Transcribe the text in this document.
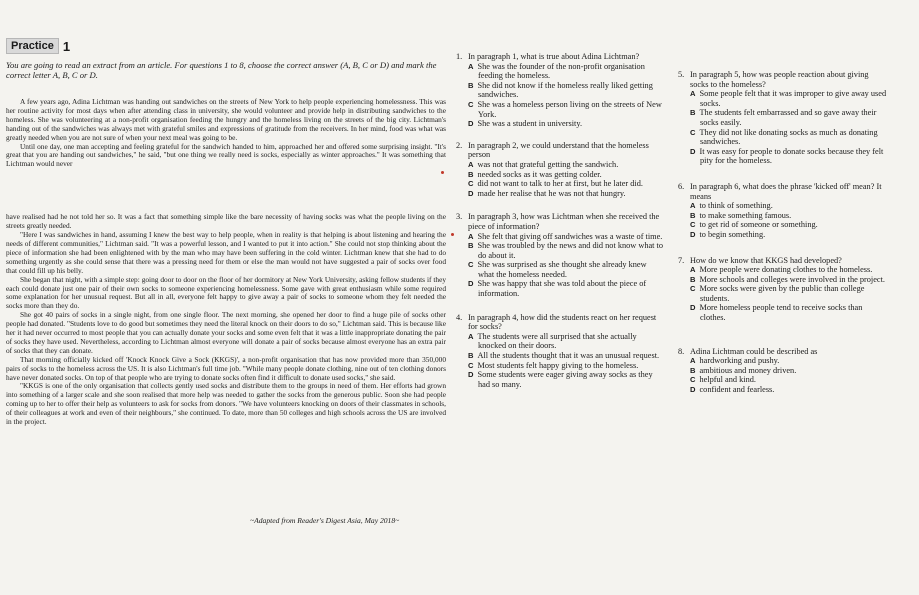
Practice 1
You are going to read an extract from an article. For questions 1 to 8, choose the correct answer (A, B, C or D) and mark the correct letter A, B, C or D.

A few years ago, Adina Lichtman was handing out sandwiches on the streets of New York to help people experiencing homelessness. This was her routine activity for most days when after attending class in university, she would volunteer and provide help in distributing sandwiches to the homeless. She was volunteering at a non-profit organisation feeding the hungry and the homeless living on the streets of the big city. Lichtman's handing out of the sandwiches was always met with grateful smiles and expressions of gratitude from the receivers. In her mind, food was what was greatly needed when you are not sure of when your next meal was going to be.

Until one day, one man accepting and feeling grateful for the sandwich handed to him, approached her and offered some surprising insight. "It's great that you are handing out sandwiches," he said, "but one thing we really need is socks, especially as winter approaches." It was something that Lichtman would never

have realised had he not told her so. It was a fact that something simple like the bare necessity of having socks was what the people living on the streets greatly needed.

"Here I was sandwiches in hand, assuming I knew the best way to help people, when in reality is that helping is about listening and hearing the needs of different communities," Lichtman said. "It was a powerful lesson, and I wanted to put it into action." She could not stop thinking about the piece of information she had been enlightened with by the man who may have been suffering in the cold winter. Lichtman knew that she had to do something urgently as she could sense that there was a pressing need for them or else the man would not have suggested a pair of socks over food that could fill up his belly.

She began that night, with a simple step: going door to door on the floor of her dormitory at New York University, asking fellow students if they each could donate just one pair of their own socks to someone experiencing homelessness. Some gave with great enthusiasm while some required some explanation for her unusual request. But all in all, everyone felt happy to give away a pair of socks to someone whom they felt needed the socks more than they do.

She got 40 pairs of socks in a single night, from one single floor. The next morning, she opened her door to find a huge pile of socks other people had donated. "Students love to do good but sometimes they need the literal knock on their doors to do so," Lichtman said. This is because like her it had never occurred to most people that you can actually donate your socks and some even felt that it was a little inappropriate donating the pair of socks they have used. Nevertheless, according to Lichtman almost everyone will donate a pair of socks because almost everyone has an extra pair of socks that they can donate.

That morning officially kicked off 'Knock Knock Give a Sock (KKGS)', a non-profit organisation that has now provided more than 350,000 pairs of socks to the homeless across the US. It is also Lichtman's full time job. "While many people donate clothing, nine out of ten clothing donors have never donated socks. On top of that people who are trying to donate socks often find it difficult to donate used socks," she said.

"KKGS is one of the only organisation that collects gently used socks and distribute them to the groups in need of them. Her efforts had grown into something of a larger scale and she soon realised that more help was needed to gather the socks from the generous public. Soon she had people coming up to her to offer their help as volunteers to ask for socks from donors. "We have volunteers knocking on doors of their classmates in schools, of their colleagues at work and even of their neighbours," she continued. To date, more than 50 colleges and high schools across the US are involved in the project.

~Adapted from Reader's Digest Asia, May 2018~
1. In paragraph 1, what is true about Adina Lichtman?
A She was the founder of the non-profit organisation feeding the homeless.
B She did not know if the homeless really liked getting sandwiches.
C She was a homeless person living on the streets of New York.
D She was a student in university.
2. In paragraph 2, we could understand that the homeless person
A was not that grateful getting the sandwich.
B needed socks as it was getting colder.
C did not want to talk to her at first, but he later did.
D made her realise that he was not that hungry.
3. In paragraph 3, how was Lichtman when she received the piece of information?
A She felt that giving off sandwiches was a waste of time.
B She was troubled by the news and did not know what to do about it.
C She was surprised as she thought she already knew what the homeless needed.
D She was happy that she was told about the piece of information.
4. In paragraph 4, how did the students react on her request for socks?
A The students were all surprised that she actually knocked on their doors.
B All the students thought that it was an unusual request.
C Most students felt happy giving to the homeless.
D Some students were eager giving away socks as they had so many.
5. In paragraph 5, how was people reaction about giving socks to the homeless?
A Some people felt that it was improper to give away used socks.
B The students felt embarrassed and so gave away their socks easily.
C They did not like donating socks as much as donating sandwiches.
D It was easy for people to donate socks because they felt pity for the homeless.
6. In paragraph 6, what does the phrase 'kicked off' mean? It means
A to think of something.
B to make something famous.
C to get rid of someone or something.
D to begin something.
7. How do we know that KKGS had developed?
A More people were donating clothes to the homeless.
B More schools and colleges were involved in the project.
C More socks were given by the public than college students.
D More homeless people tend to receive socks than clothes.
8. Adina Lichtman could be described as
A hardworking and pushy.
B ambitious and money driven.
C helpful and kind.
D confident and fearless.
